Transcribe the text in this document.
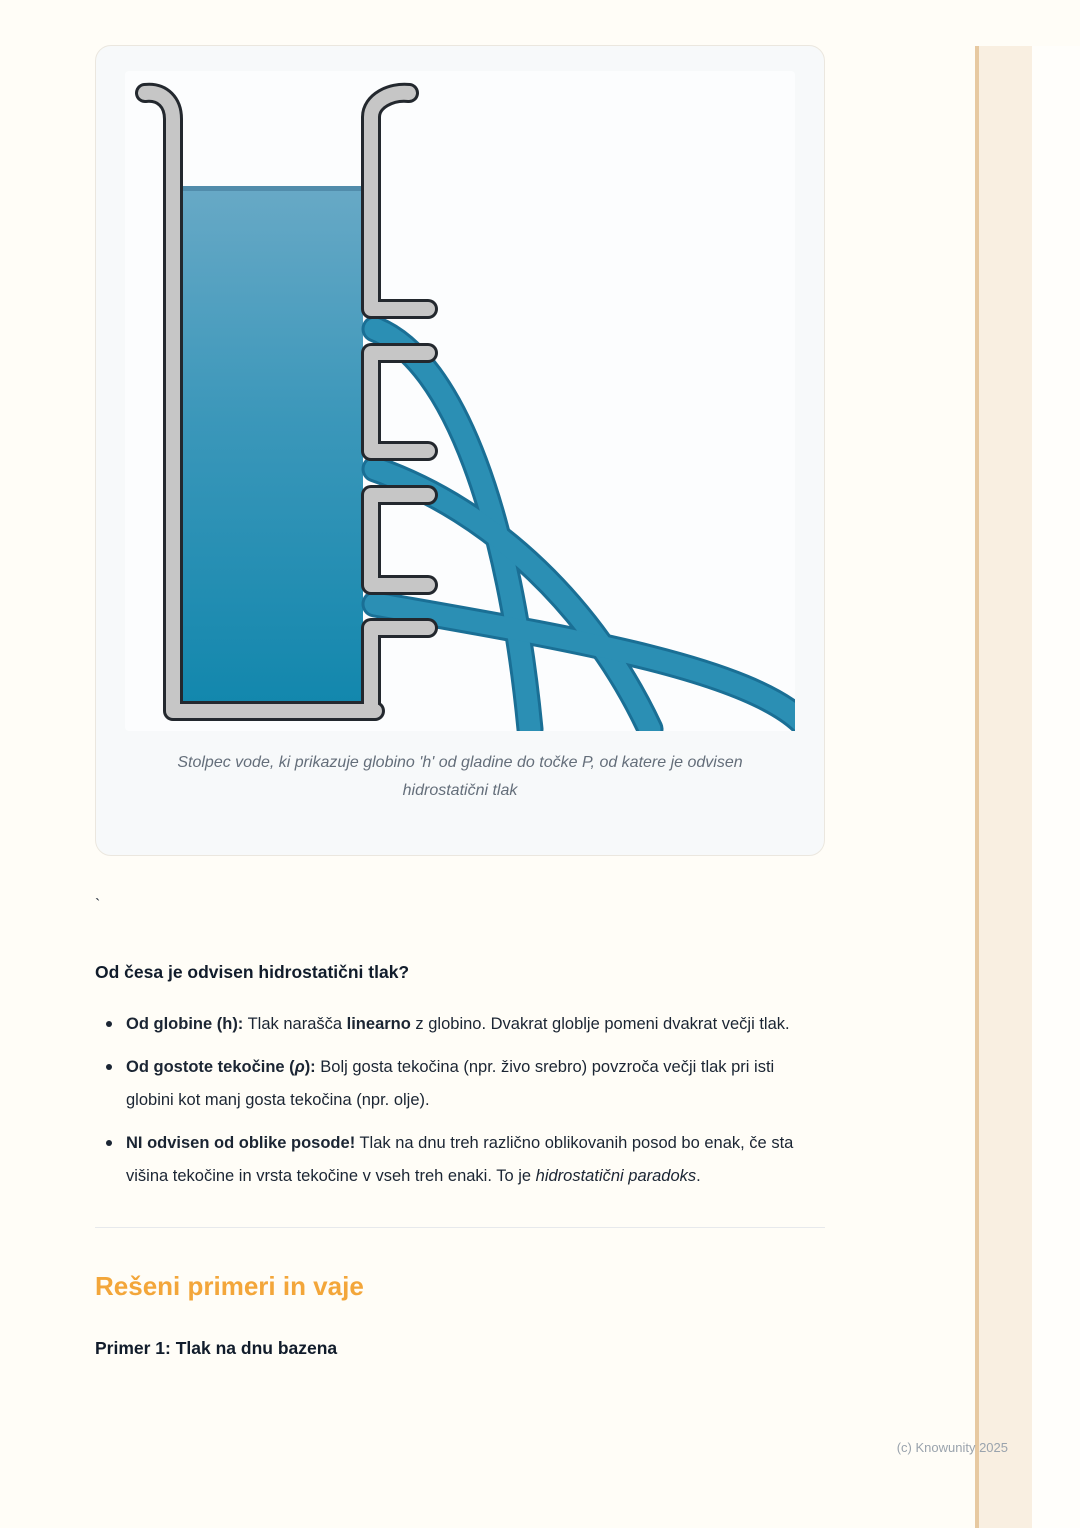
Stolpec vode, ki prikazuje globino 'h' od gladine do točke P, od katere je odvisen hidrostatični tlak
`
Od česa je odvisen hidrostatični tlak?
Od globine (h): Tlak narašča linearno z globino. Dvakrat globlje pomeni dvakrat večji tlak.
Od gostote tekočine (ρ): Bolj gosta tekočina (npr. živo srebro) povzroča večji tlak pri isti globini kot manj gosta tekočina (npr. olje).
NI odvisen od oblike posode! Tlak na dnu treh različno oblikovanih posod bo enak, če sta višina tekočine in vrsta tekočine v vseh treh enaki. To je hidrostatični paradoks.
Rešeni primeri in vaje
Primer 1: Tlak na dnu bazena
(c) Knowunity 2025
